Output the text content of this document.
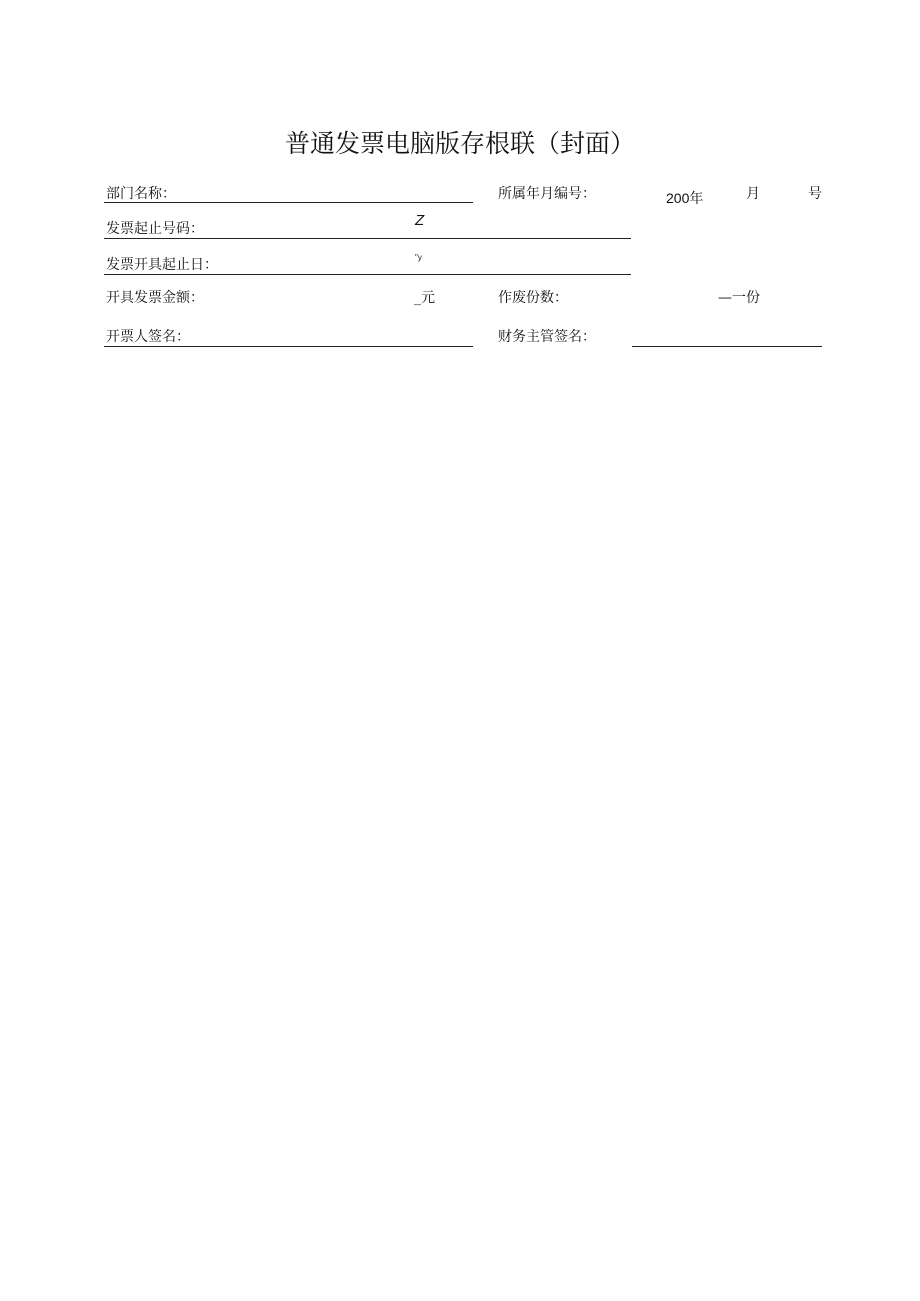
普通发票电脑版存根联（封面）
部门名称：	所属年月编号：	200年	月	号
发票起止号码：	Z
发票开具起止日：	"y
开具发票金额：	_元	作废份数：	—一份
开票人签名：	财务主管签名：
